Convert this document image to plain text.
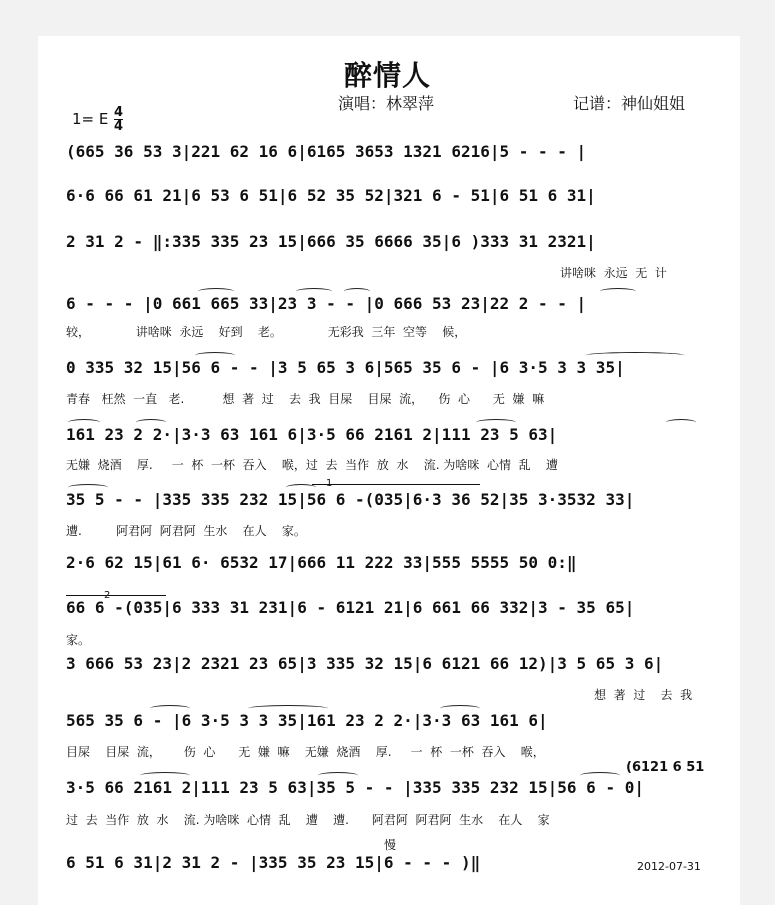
醉情人
演唱：林翠萍	记谱：神仙姐姐
1= E 4
4
(665 36 53 3|221 62 16 6|6165 3653 1321 6216|5 - - - |
6·6 66 61 21|6 53 6 51|6 52 35 52|321 6 - 51|6 51 6 31|
2 31 2 - ‖:335 335 23 15|666 35 6666 35|6 )333 31 2321|
讲啥咪  永远  无  计
6 - - - |0 661 665 33|23 3 - - |0 666 53 23|22 2 - - |
较，            讲啥咪  永远    好到    老。            无彩我  三年  空等    候，
0 335 32 15|56 6 - - |3 5 65 3 6|565 35 6 - |6 3·5 3 3 35|
青春   枉然  一直   老.          想  著  过    去  我  目屎    目屎  流，    伤  心      无  嫌  嘛
161 23 2 2·|3·3 63 161 6|3·5 66 2161 2|111 23 5 63|
无嫌  烧酒    厚.     一  杯  一杯  吞入    喉，过  去  当作  放  水    流. 为啥咪  心情  乱    遭
35 5 - - |335 335 232 15|56 6 -(035|6·3 36 52|35 3·3532 33|
遭.         阿君阿  阿君阿  生水    在人    家。
2·6 62 15|61 6· 6532 17|666 11 222 33|555 5555 50 0:‖
66 6 -(035|6 333 31 231|6 - 6121 21|6 661 66 332|3 - 35 65|
家。
3 666 53 23|2 2321 23 65|3 335 32 15|6 6121 66 12)|3 5 65 3 6|
想  著  过    去  我
565 35 6 - |6 3·5 3 3 35|161 23 2 2·|3·3 63 161 6|
目屎    目屎  流，      伤  心      无  嫌  嘛    无嫌  烧酒    厚.     一  杯  一杯  吞入    喉，
3·5 66 2161 2|111 23 5 63|35 5 - - |335 335 232 15|56 6 - 0|
过  去  当作  放  水    流. 为啥咪  心情  乱    遭    遭.      阿君阿  阿君阿  生水    在人    家
6 51 6 31|2 31 2 - |335 35 23 15|6 - - - )‖
(6121 6 51
1
2
慢
2012-07-31
